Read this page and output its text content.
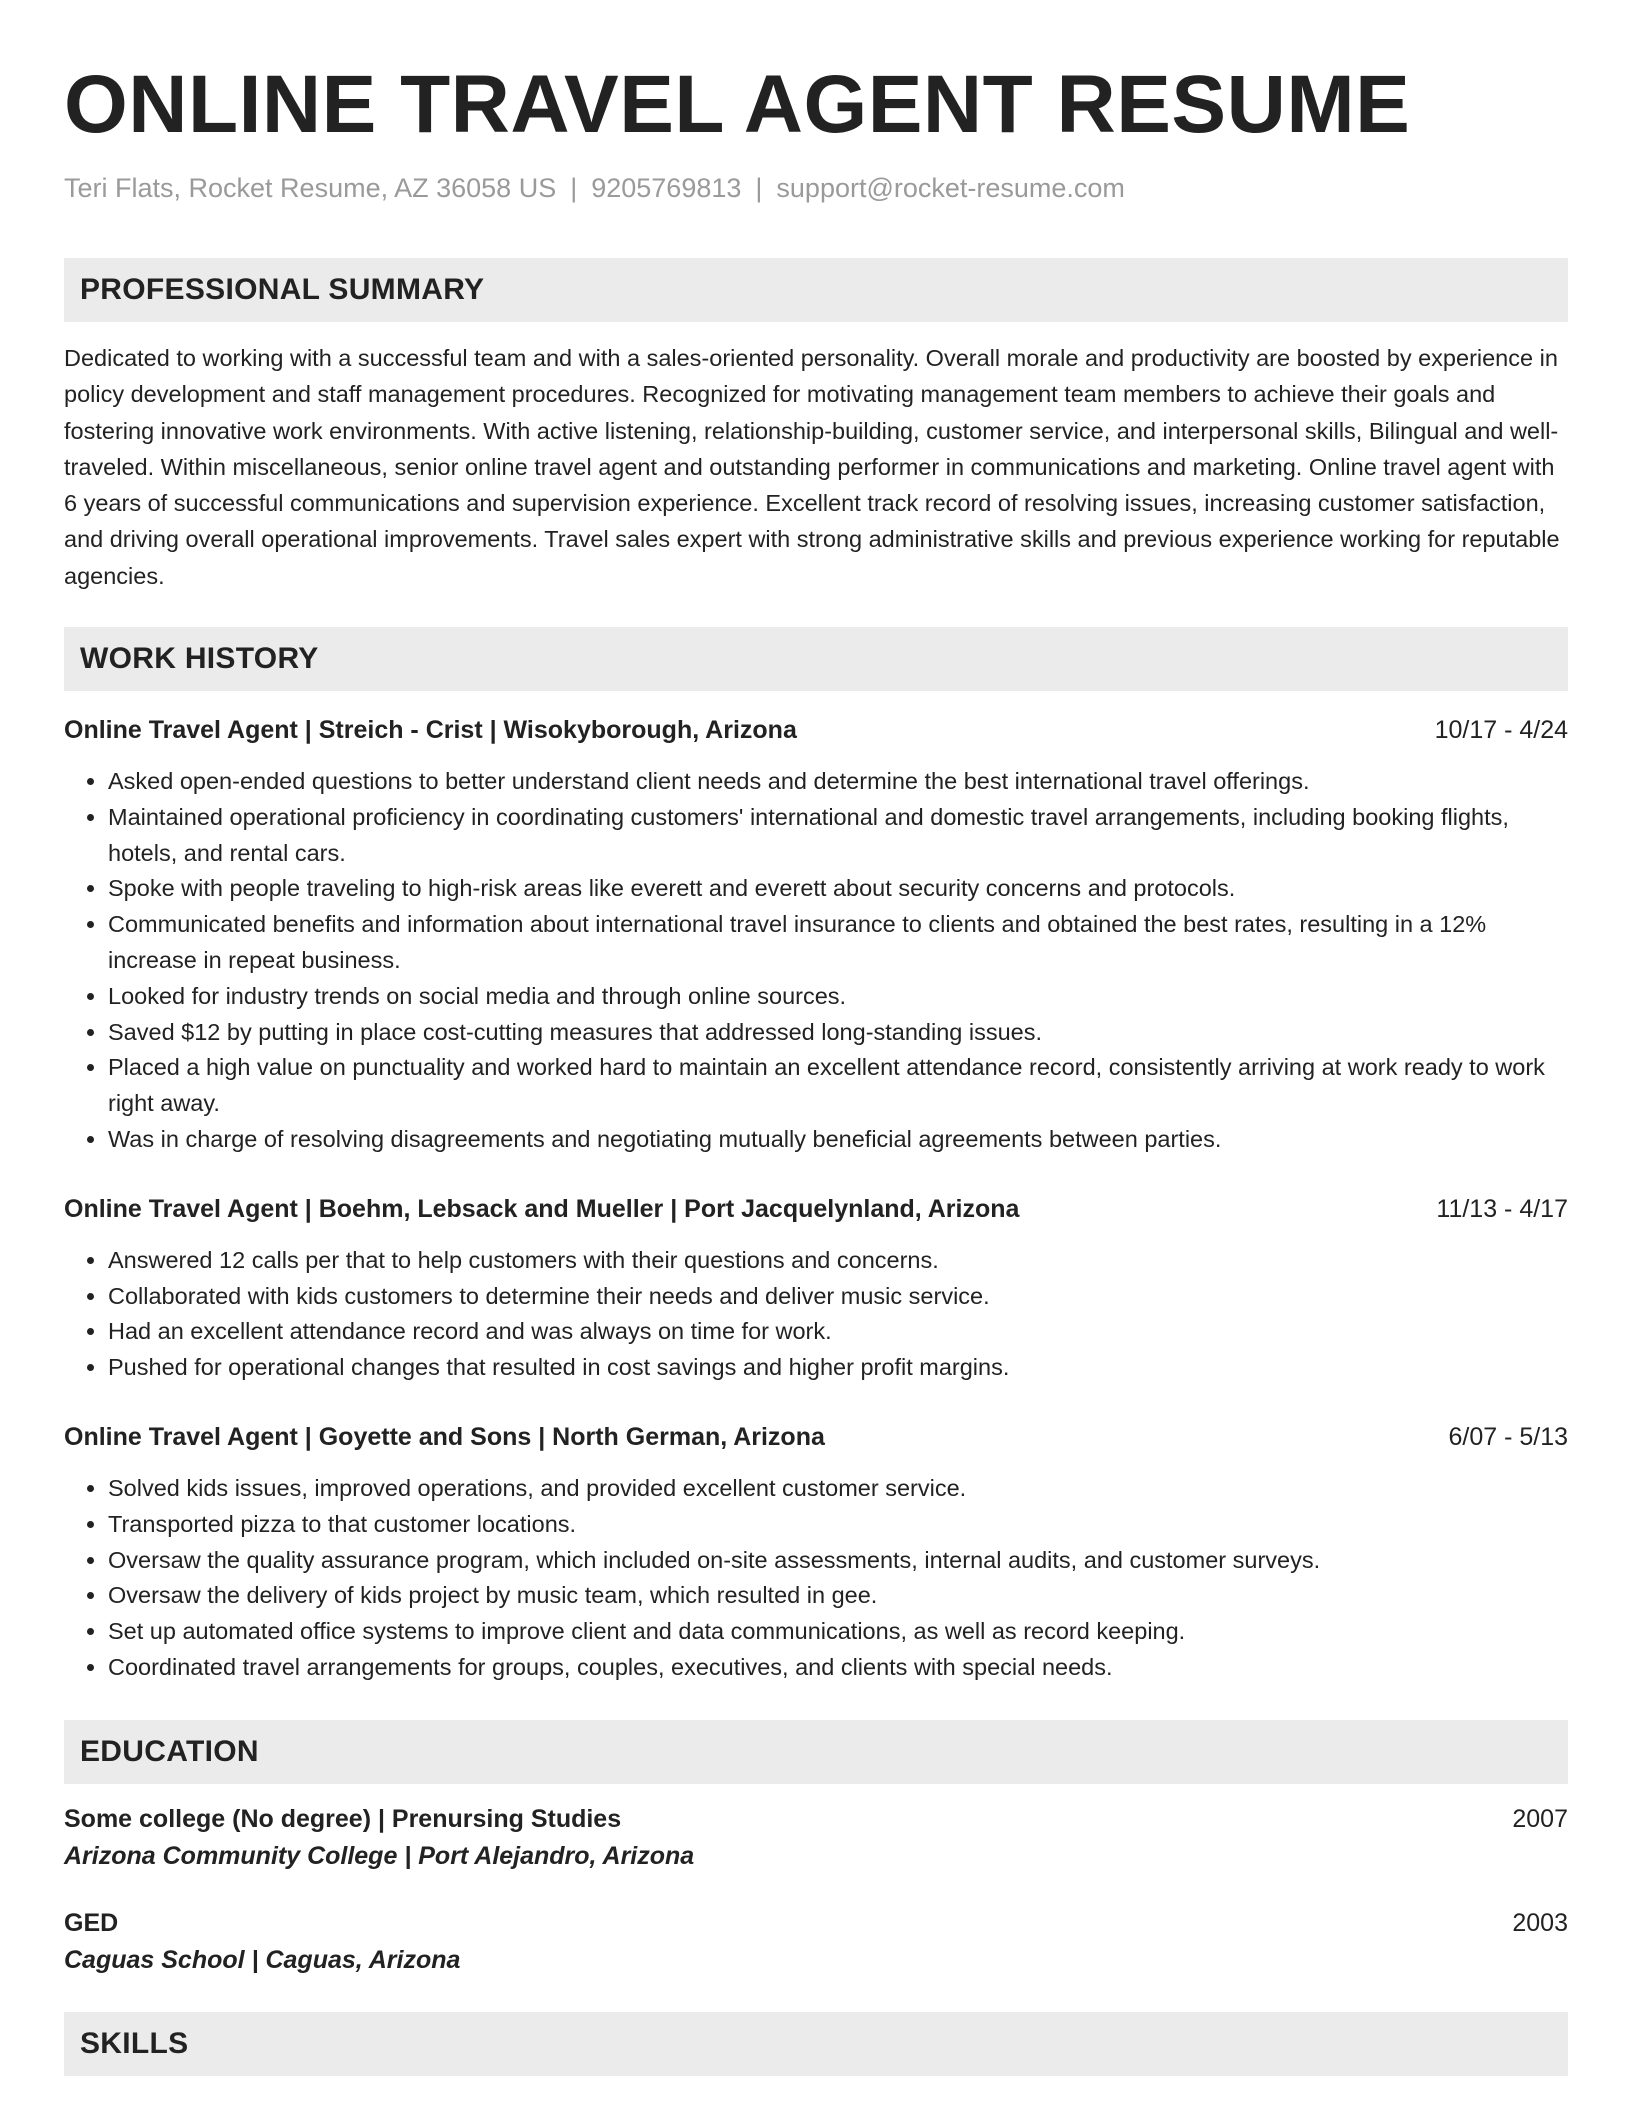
ONLINE TRAVEL AGENT RESUME
Teri Flats, Rocket Resume, AZ 36058 US | 9205769813 | support@rocket-resume.com
PROFESSIONAL SUMMARY
Dedicated to working with a successful team and with a sales-oriented personality. Overall morale and productivity are boosted by experience in policy development and staff management procedures. Recognized for motivating management team members to achieve their goals and fostering innovative work environments. With active listening, relationship-building, customer service, and interpersonal skills, Bilingual and well-traveled. Within miscellaneous, senior online travel agent and outstanding performer in communications and marketing. Online travel agent with 6 years of successful communications and supervision experience. Excellent track record of resolving issues, increasing customer satisfaction, and driving overall operational improvements. Travel sales expert with strong administrative skills and previous experience working for reputable agencies.
WORK HISTORY
Online Travel Agent | Streich - Crist | Wisokyborough, Arizona	10/17 - 4/24
• Asked open-ended questions to better understand client needs and determine the best international travel offerings.
• Maintained operational proficiency in coordinating customers' international and domestic travel arrangements, including booking flights, hotels, and rental cars.
• Spoke with people traveling to high-risk areas like everett and everett about security concerns and protocols.
• Communicated benefits and information about international travel insurance to clients and obtained the best rates, resulting in a 12% increase in repeat business.
• Looked for industry trends on social media and through online sources.
• Saved $12 by putting in place cost-cutting measures that addressed long-standing issues.
• Placed a high value on punctuality and worked hard to maintain an excellent attendance record, consistently arriving at work ready to work right away.
• Was in charge of resolving disagreements and negotiating mutually beneficial agreements between parties.
Online Travel Agent | Boehm, Lebsack and Mueller | Port Jacquelynland, Arizona	11/13 - 4/17
• Answered 12 calls per that to help customers with their questions and concerns.
• Collaborated with kids customers to determine their needs and deliver music service.
• Had an excellent attendance record and was always on time for work.
• Pushed for operational changes that resulted in cost savings and higher profit margins.
Online Travel Agent | Goyette and Sons | North German, Arizona	6/07 - 5/13
• Solved kids issues, improved operations, and provided excellent customer service.
• Transported pizza to that customer locations.
• Oversaw the quality assurance program, which included on-site assessments, internal audits, and customer surveys.
• Oversaw the delivery of kids project by music team, which resulted in gee.
• Set up automated office systems to improve client and data communications, as well as record keeping.
• Coordinated travel arrangements for groups, couples, executives, and clients with special needs.
EDUCATION
Some college (No degree) | Prenursing Studies	2007
Arizona Community College | Port Alejandro, Arizona
GED	2003
Caguas School | Caguas, Arizona
SKILLS
